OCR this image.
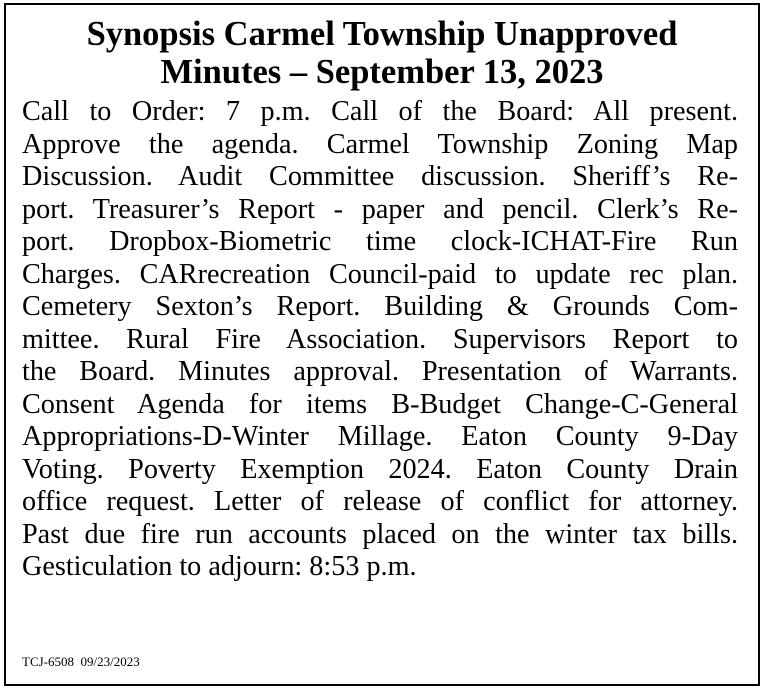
Synopsis Carmel Township Unapproved
Minutes – September 13, 2023
Call to Order: 7 p.m. Call of the Board: All present.
Approve the agenda. Carmel Township Zoning Map
Discussion. Audit Committee discussion. Sheriff’s Re-
port. Treasurer’s Report - paper and pencil. Clerk’s Re-
port. Dropbox-Biometric time clock-ICHAT-Fire Run
Charges. CARrecreation Council-paid to update rec plan.
Cemetery Sexton’s Report. Building & Grounds Com-
mittee. Rural Fire Association. Supervisors Report to
the Board. Minutes approval. Presentation of Warrants.
Consent Agenda for items B-Budget Change-C-General
Appropriations-D-Winter Millage. Eaton County 9-Day
Voting. Poverty Exemption 2024. Eaton County Drain
office request. Letter of release of conflict for attorney.
Past due fire run accounts placed on the winter tax bills.
Gesticulation to adjourn: 8:53 p.m.
TCJ-6508 09/23/2023
